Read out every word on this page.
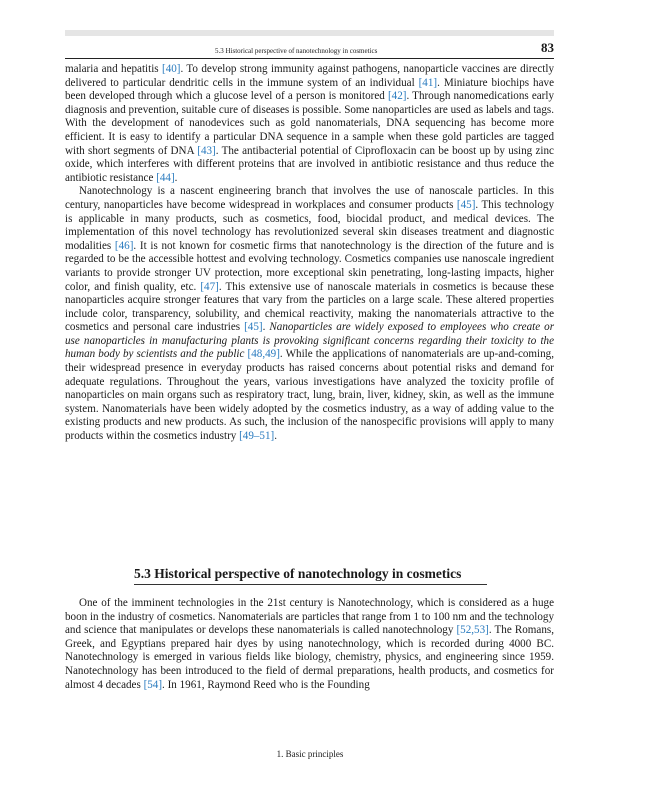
5.3 Historical perspective of nanotechnology in cosmetics	83

malaria and hepatitis [40]. To develop strong immunity against pathogens, nanoparticle vaccines are directly delivered to particular dendritic cells in the immune system of an individual [41]. Miniature biochips have been developed through which a glucose level of a person is monitored [42]. Through nanomedications early diagnosis and prevention, suitable cure of diseases is possible. Some nanoparticles are used as labels and tags. With the development of nanodevices such as gold nanomaterials, DNA sequencing has become more efficient. It is easy to identify a particular DNA sequence in a sample when these gold particles are tagged with short segments of DNA [43]. The antibacterial potential of Ciprofloxacin can be boost up by using zinc oxide, which interferes with different proteins that are involved in antibiotic resistance and thus reduce the antibiotic resistance [44].

Nanotechnology is a nascent engineering branch that involves the use of nanoscale particles. In this century, nanoparticles have become widespread in workplaces and consumer products [45]. This technology is applicable in many products, such as cosmetics, food, biocidal product, and medical devices. The implementation of this novel technology has revolutionized several skin diseases treatment and diagnostic modalities [46]. It is not known for cosmetic firms that nanotechnology is the direction of the future and is regarded to be the accessible hottest and evolving technology. Cosmetics companies use nanoscale ingredient variants to provide stronger UV protection, more exceptional skin penetrating, long-lasting impacts, higher color, and finish quality, etc. [47]. This extensive use of nanoscale materials in cosmetics is because these nanoparticles acquire stronger features that vary from the particles on a large scale. These altered properties include color, transparency, solubility, and chemical reactivity, making the nanomaterials attractive to the cosmetics and personal care industries [45]. Nanoparticles are widely exposed to employees who create or use nanoparticles in manufacturing plants is provoking significant concerns regarding their toxicity to the human body by scientists and the public [48,49]. While the applications of nanomaterials are up-and-coming, their widespread presence in everyday products has raised concerns about potential risks and demand for adequate regulations. Throughout the years, various investigations have analyzed the toxicity profile of nanoparticles on main organs such as respiratory tract, lung, brain, liver, kidney, skin, as well as the immune system. Nanomaterials have been widely adopted by the cosmetics industry, as a way of adding value to the existing products and new products. As such, the inclusion of the nanospecific provisions will apply to many products within the cosmetics industry [49–51].

5.3 Historical perspective of nanotechnology in cosmetics

One of the imminent technologies in the 21st century is Nanotechnology, which is considered as a huge boon in the industry of cosmetics. Nanomaterials are particles that range from 1 to 100 nm and the technology and science that manipulates or develops these nanomaterials is called nanotechnology [52,53]. The Romans, Greek, and Egyptians prepared hair dyes by using nanotechnology, which is recorded during 4000 BC. Nanotechnology is emerged in various fields like biology, chemistry, physics, and engineering since 1959. Nanotechnology has been introduced to the field of dermal preparations, health products, and cosmetics for almost 4 decades [54]. In 1961, Raymond Reed who is the Founding

1. Basic principles
